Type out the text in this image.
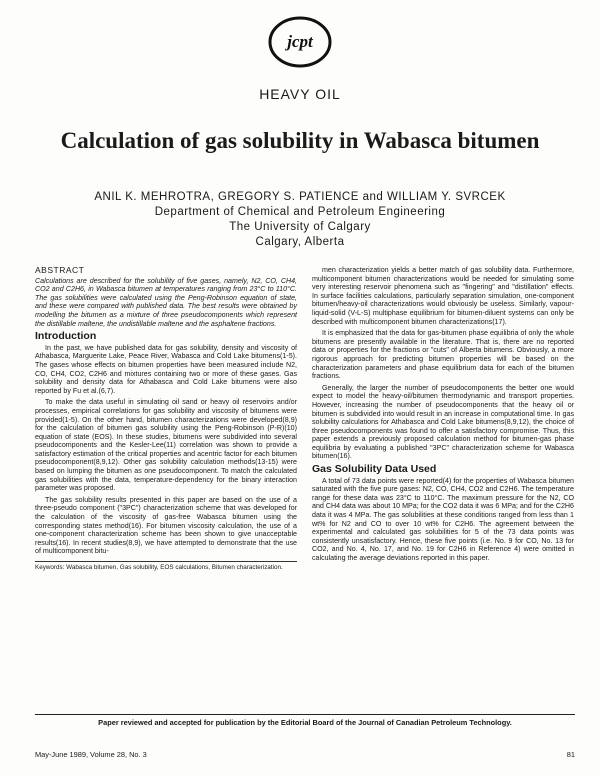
jcpt
HEAVY OIL
Calculation of gas solubility in Wabasca bitumen
ANIL K. MEHROTRA, GREGORY S. PATIENCE and WILLIAM Y. SVRCEK
Department of Chemical and Petroleum Engineering
The University of Calgary
Calgary, Alberta
ABSTRACT
Calculations are described for the solubility of five gases, namely, N2, CO, CH4, CO2 and C2H6, in Wabasca bitumen at temperatures ranging from 23°C to 110°C. The gas solubilities were calculated using the Peng-Robinson equation of state, and these were compared with published data. The best results were obtained by modelling the bitumen as a mixture of three pseudocomponents which represent the distillable maltene, the undistillable maltene and the asphaltene fractions.
Introduction

In the past, we have published data for gas solubility, density and viscosity of Athabasca, Marguerite Lake, Peace River, Wabasca and Cold Lake bitumens(1-5). The gases whose effects on bitumen properties have been measured include N2, CO, CH4, CO2, C2H6 and mixtures containing two or more of these gases. Gas solubility and density data for Athabasca and Cold Lake bitumens were also reported by Fu et al.(6,7).

To make the data useful in simulating oil sand or heavy oil reservoirs and/or processes, empirical correlations for gas solubility and viscosity of bitumens were provided(1-5). On the other hand, bitumen characterizations were developed(8,9) for the calculation of bitumen gas solubility using the Peng-Robinson (P-R)(10) equation of state (EOS). In these studies, bitumens were subdivided into several pseudocomponents and the Kesler-Lee(11) correlation was shown to provide a satisfactory estimation of the critical properties and acentric factor for each bitumen pseudocomponent(8,9,12). Other gas solubility calculation methods(13-15) were based on lumping the bitumen as one pseudocomponent. To match the calculated gas solubilities with the data, temperature-dependency for the binary interaction parameter was proposed.

The gas solubility results presented in this paper are based on the use of a three-pseudo component ("3PC") characterization scheme that was developed for the calculation of the viscosity of gas-free Wabasca bitumen using the corresponding states method(16). For bitumen viscosity calculation, the use of a one-component characterization scheme has been shown to give unacceptable results(16). In recent studies(8,9), we have attempted to demonstrate that the use of multicomponent bitu-

Keywords: Wabasca bitumen, Gas solubility, EOS calculations, Bitumen characterization.

men characterization yields a better match of gas solubility data. Furthermore, multicomponent bitumen characterizations would be needed for simulating some very interesting reservoir phenomena such as "fingering" and "distillation" effects. In surface facilities calculations, particularly separation simulation, one-component bitumen/heavy-oil characterizations would obviously be useless. Similarly, vapour-liquid-solid (V-L-S) multiphase equilibrium for bitumen-diluent systems can only be described with multicomponent bitumen characterizations(17).

It is emphasized that the data for gas-bitumen phase equilibria of only the whole bitumens are presently available in the literature. That is, there are no reported data or properties for the fractions or "cuts" of Alberta bitumens. Obviously, a more rigorous approach for predicting bitumen properties will be based on the characterization parameters and phase equilibrium data for each of the bitumen fractions.

Generally, the larger the number of pseudocomponents the better one would expect to model the heavy-oil/bitumen thermodynamic and transport properties. However, increasing the number of pseudocomponents that the heavy oil or bitumen is subdivided into would result in an increase in computational time. In gas solubility calculations for Athabasca and Cold Lake bitumens(8,9,12), the choice of three pseudocomponents was found to offer a satisfactory compromise. Thus, this paper extends a previously proposed calculation method for bitumen-gas phase equilibria by evaluating a published "3PC" characterization scheme for Wabasca bitumen(16).

Gas Solubility Data Used

A total of 73 data points were reported(4) for the properties of Wabasca bitumen saturated with the five pure gases: N2, CO, CH4, CO2 and C2H6. The temperature range for these data was 23°C to 110°C. The maximum pressure for the N2, CO and CH4 data was about 10 MPa; for the CO2 data it was 6 MPa; and for the C2H6 data it was 4 MPa. The gas solubilities at these conditions ranged from less than 1 wt% for N2 and CO to over 10 wt% for C2H6. The agreement between the experimental and calculated gas solubilities for 5 of the 73 data points was consistently unsatisfactory. Hence, these five points (i.e. No. 9 for CO, No. 13 for CO2, and No. 4, No. 17, and No. 19 for C2H6 in Reference 4) were omitted in calculating the average deviations reported in this paper.

Paper reviewed and accepted for publication by the Editorial Board of the Journal of Canadian Petroleum Technology.
May-June 1989, Volume 28, No. 3	81
